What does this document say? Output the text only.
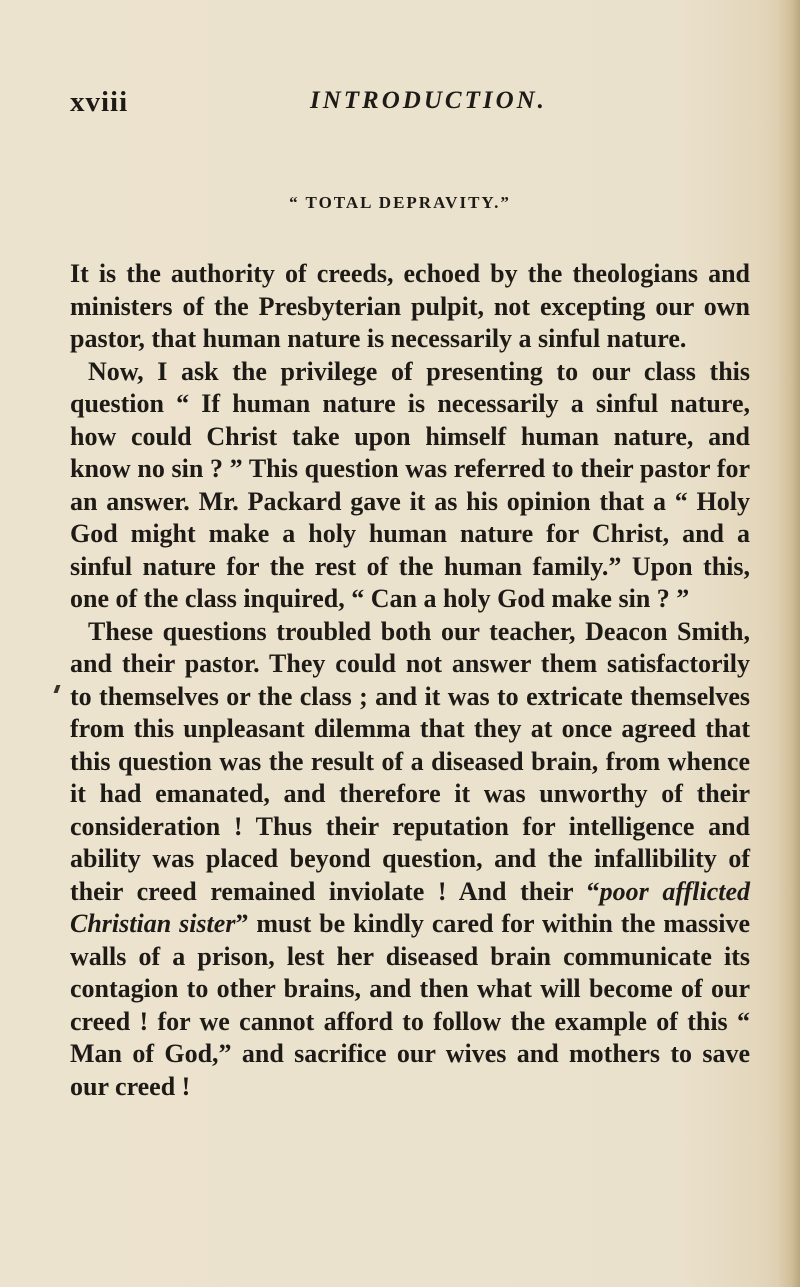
xviii	INTRODUCTION.
“ TOTAL DEPRAVITY.”

It is the authority of creeds, echoed by the theologians and ministers of the Presbyterian pulpit, not excepting our own pastor, that human nature is necessarily a sinful nature.

Now, I ask the privilege of presenting to our class this question “ If human nature is necessarily a sinful nature, how could Christ take upon himself human nature, and know no sin ? ” This question was referred to their pastor for an answer. Mr. Packard gave it as his opinion that a “ Holy God might make a holy human nature for Christ, and a sinful nature for the rest of the human family.” Upon this, one of the class inquired, “ Can a holy God make sin ? ”

These questions troubled both our teacher, Deacon Smith, and their pastor. They could not answer them satisfactorily to themselves or the class ; and it was to extricate themselves from this unpleasant dilemma that they at once agreed that this question was the result of a diseased brain, from whence it had emanated, and therefore it was unworthy of their consideration ! Thus their reputation for intelligence and ability was placed beyond question, and the infallibility of their creed remained inviolate ! And their “poor afflicted Christian sister” must be kindly cared for within the massive walls of a prison, lest her diseased brain communicate its contagion to other brains, and then what will become of our creed ! for we cannot afford to follow the example of this “ Man of God,” and sacrifice our wives and mothers to save our creed !
